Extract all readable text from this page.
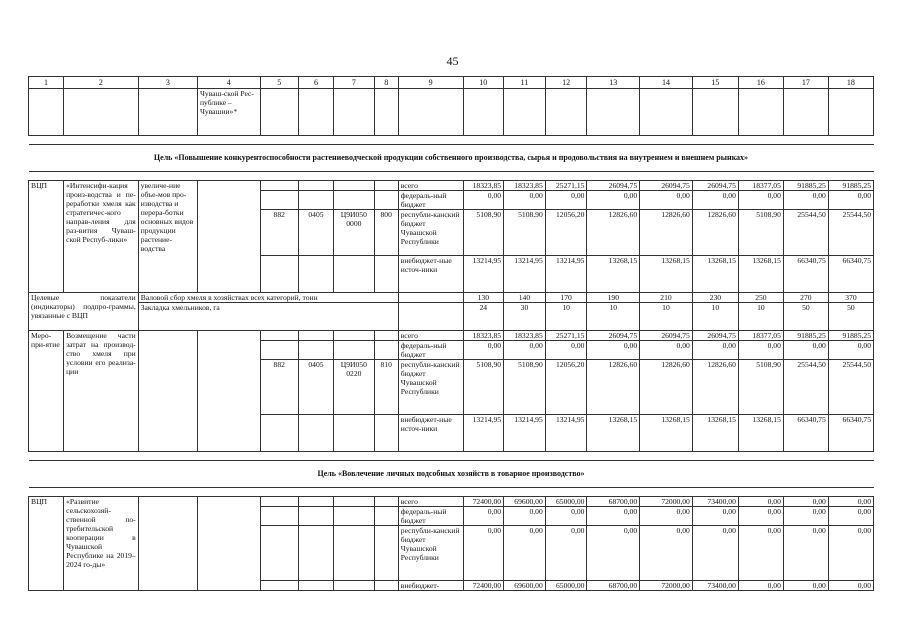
45
1	2	3	4	5	6	7	8	9	10	11	12	13	14	15	16	17	18
			Чуваш-ской Рес-публике – Чувашии»*														

Цель «Повышение конкурентоспособности растениеводческой продукции собственного производства, сырья и продовольствия на внутреннем и внешнем рынках»																	

ВЦП	«Интенсифи-кация произ-водства и пе-реработки хмеля как стратегичес-кого направ-ления для раз-вития Чуваш-ской Респуб-лики»	увеличе-ние объе-мов про-изводства и перера-ботки основных видов продукции растение-водства						всего	18323,85	18323,85	25271,15	26094,75	26094,75	26094,75	18377,05	91885,25	91885,25
								федераль-ный бюджет	0,00	0,00	0,00	0,00	0,00	0,00	0,00	0,00	0,00
				882	0405	Ц9И050 0000	800	республи-канский бюджет Чувашской Республики	5108,90	5108,90	12056,20	12826,60	12826,60	12826,60	5108,90	25544,50	25544,50
								внебюджет-ные источ-ники	13214,95	13214,95	13214,95	13268,15	13268,15	13268,15	13268,15	66340,75	66340,75
Целевые показатели (индикаторы) подпро-граммы, увязанные с ВЦП		Валовой сбор хмеля в хозяйствах всех категорий, тонн							130	140	170	190	210	230	250	270	370
		Закладка хмельников, га							24	30	10	10	10	10	10	50	50
Меро-при-ятие	Возмещение части затрат на производ-ство хмеля при условии его реализа-ции							всего	18323,85	18323,85	25271,15	26094,75	26094,75	26094,75	18377,05	91885,25	91885,25
								федераль-ный бюджет	0,00	0,00	0,00	0,00	0,00	0,00	0,00	0,00	0,00
				882	0405	Ц9И050 0220	810	республи-канский бюджет Чувашской Республики	5108,90	5108,90	12056,20	12826,60	12826,60	12826,60	5108,90	25544,50	25544,50
								внебюджет-ные источ-ники	13214,95	13214,95	13214,95	13268,15	13268,15	13268,15	13268,15	66340,75	66340,75

Цель «Вовлечение личных подсобных хозяйств в товарное производство»																	

ВЦП	«Развитие сельскохозяй-ственной по-требительской кооперации в Чувашской Республике на 2019–2024 го-ды»							всего	72400,00	69600,00	65000,00	68700,00	72000,00	73400,00	0,00	0,00	0,00
								федераль-ный бюджет	0,00	0,00	0,00	0,00	0,00	0,00	0,00	0,00	0,00
								республи-канский бюджет Чувашской Республики	0,00	0,00	0,00	0,00	0,00	0,00	0,00	0,00	0,00
								внебюджет-	72400,00	69600,00	65000,00	68700,00	72000,00	73400,00	0,00	0,00	0,00
